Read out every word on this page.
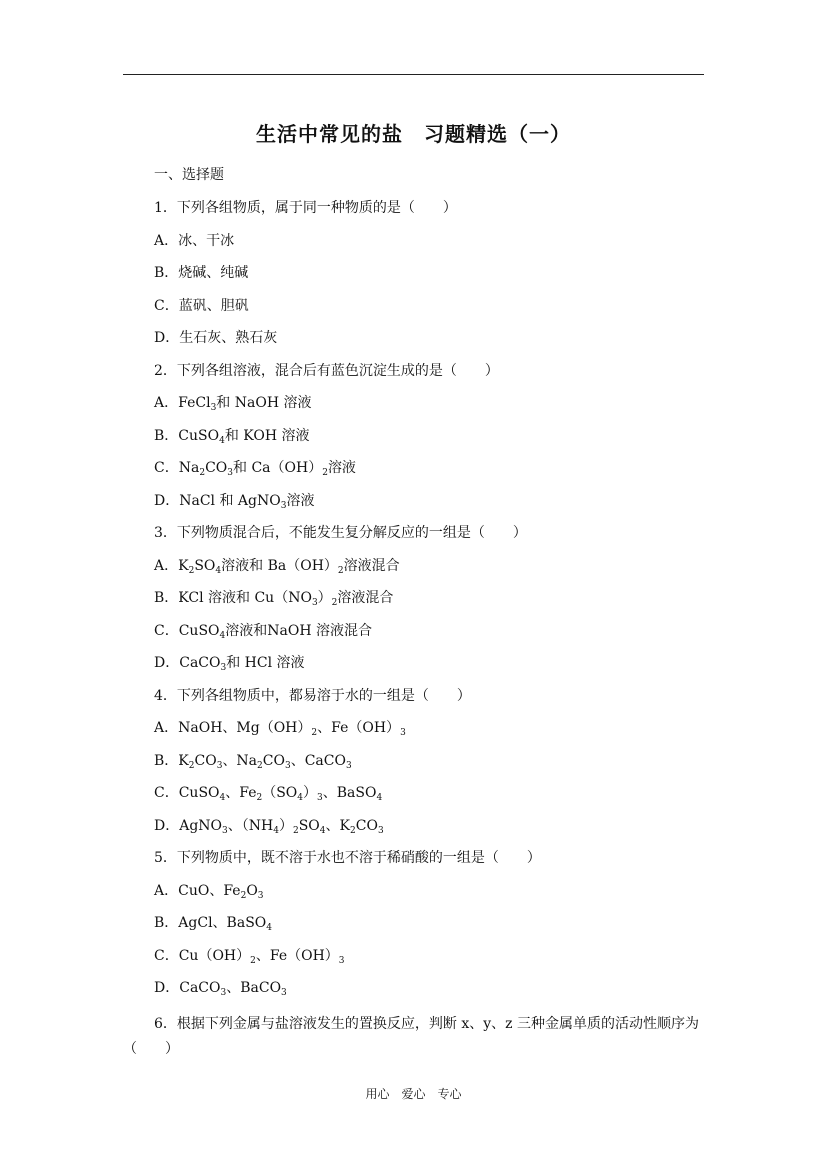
生活中常见的盐　习题精选（一）
一、选择题
1．下列各组物质，属于同一种物质的是（　　）
A．冰、干冰
B．烧碱、纯碱
C．蓝矾、胆矾
D．生石灰、熟石灰
2．下列各组溶液，混合后有蓝色沉淀生成的是（　　）
A．FeCl$_3$和 NaOH 溶液
B．CuSO$_4$和 KOH 溶液
C．$Na_2CO_3$和 $Ca(OH)_2$溶液
D．NaCl 和 AgNO$_3$溶液
3．下列物质混合后，不能发生复分解反应的一组是（　　）
A．$K_2SO_4$溶液和 $Ba(OH)_2$溶液混合
B．KCl 溶液和 $Cu(NO_3)_2$溶液混合
C．CuSO$_4$溶液和NaOH 溶液混合
D．CaCO$_3$和 HCl 溶液
4．下列各组物质中，都易溶于水的一组是（　　）
A．NaOH、$Mg(OH)_2$、$Fe(OH)_3$
B．$K_2CO_3$、$Na_2CO_3$、CaCO$_3$
C．CuSO$_4$、$Fe_2(SO_4)_3$、BaSO$_4$
D．AgNO$_3$、$(NH_4)_2SO_4$、$K_2CO_3$
5．下列物质中，既不溶于水也不溶于稀硝酸的一组是（　　）
A．CuO、$Fe_2O_3$
B．AgCl、BaSO$_4$
C．$Cu(OH)_2$、$Fe(OH)_3$
D．CaCO$_3$、BaCO$_3$
6．根据下列金属与盐溶液发生的置换反应，判断 x、y、z 三种金属单质的活动性顺序为（　　）
用心　爱心　专心
